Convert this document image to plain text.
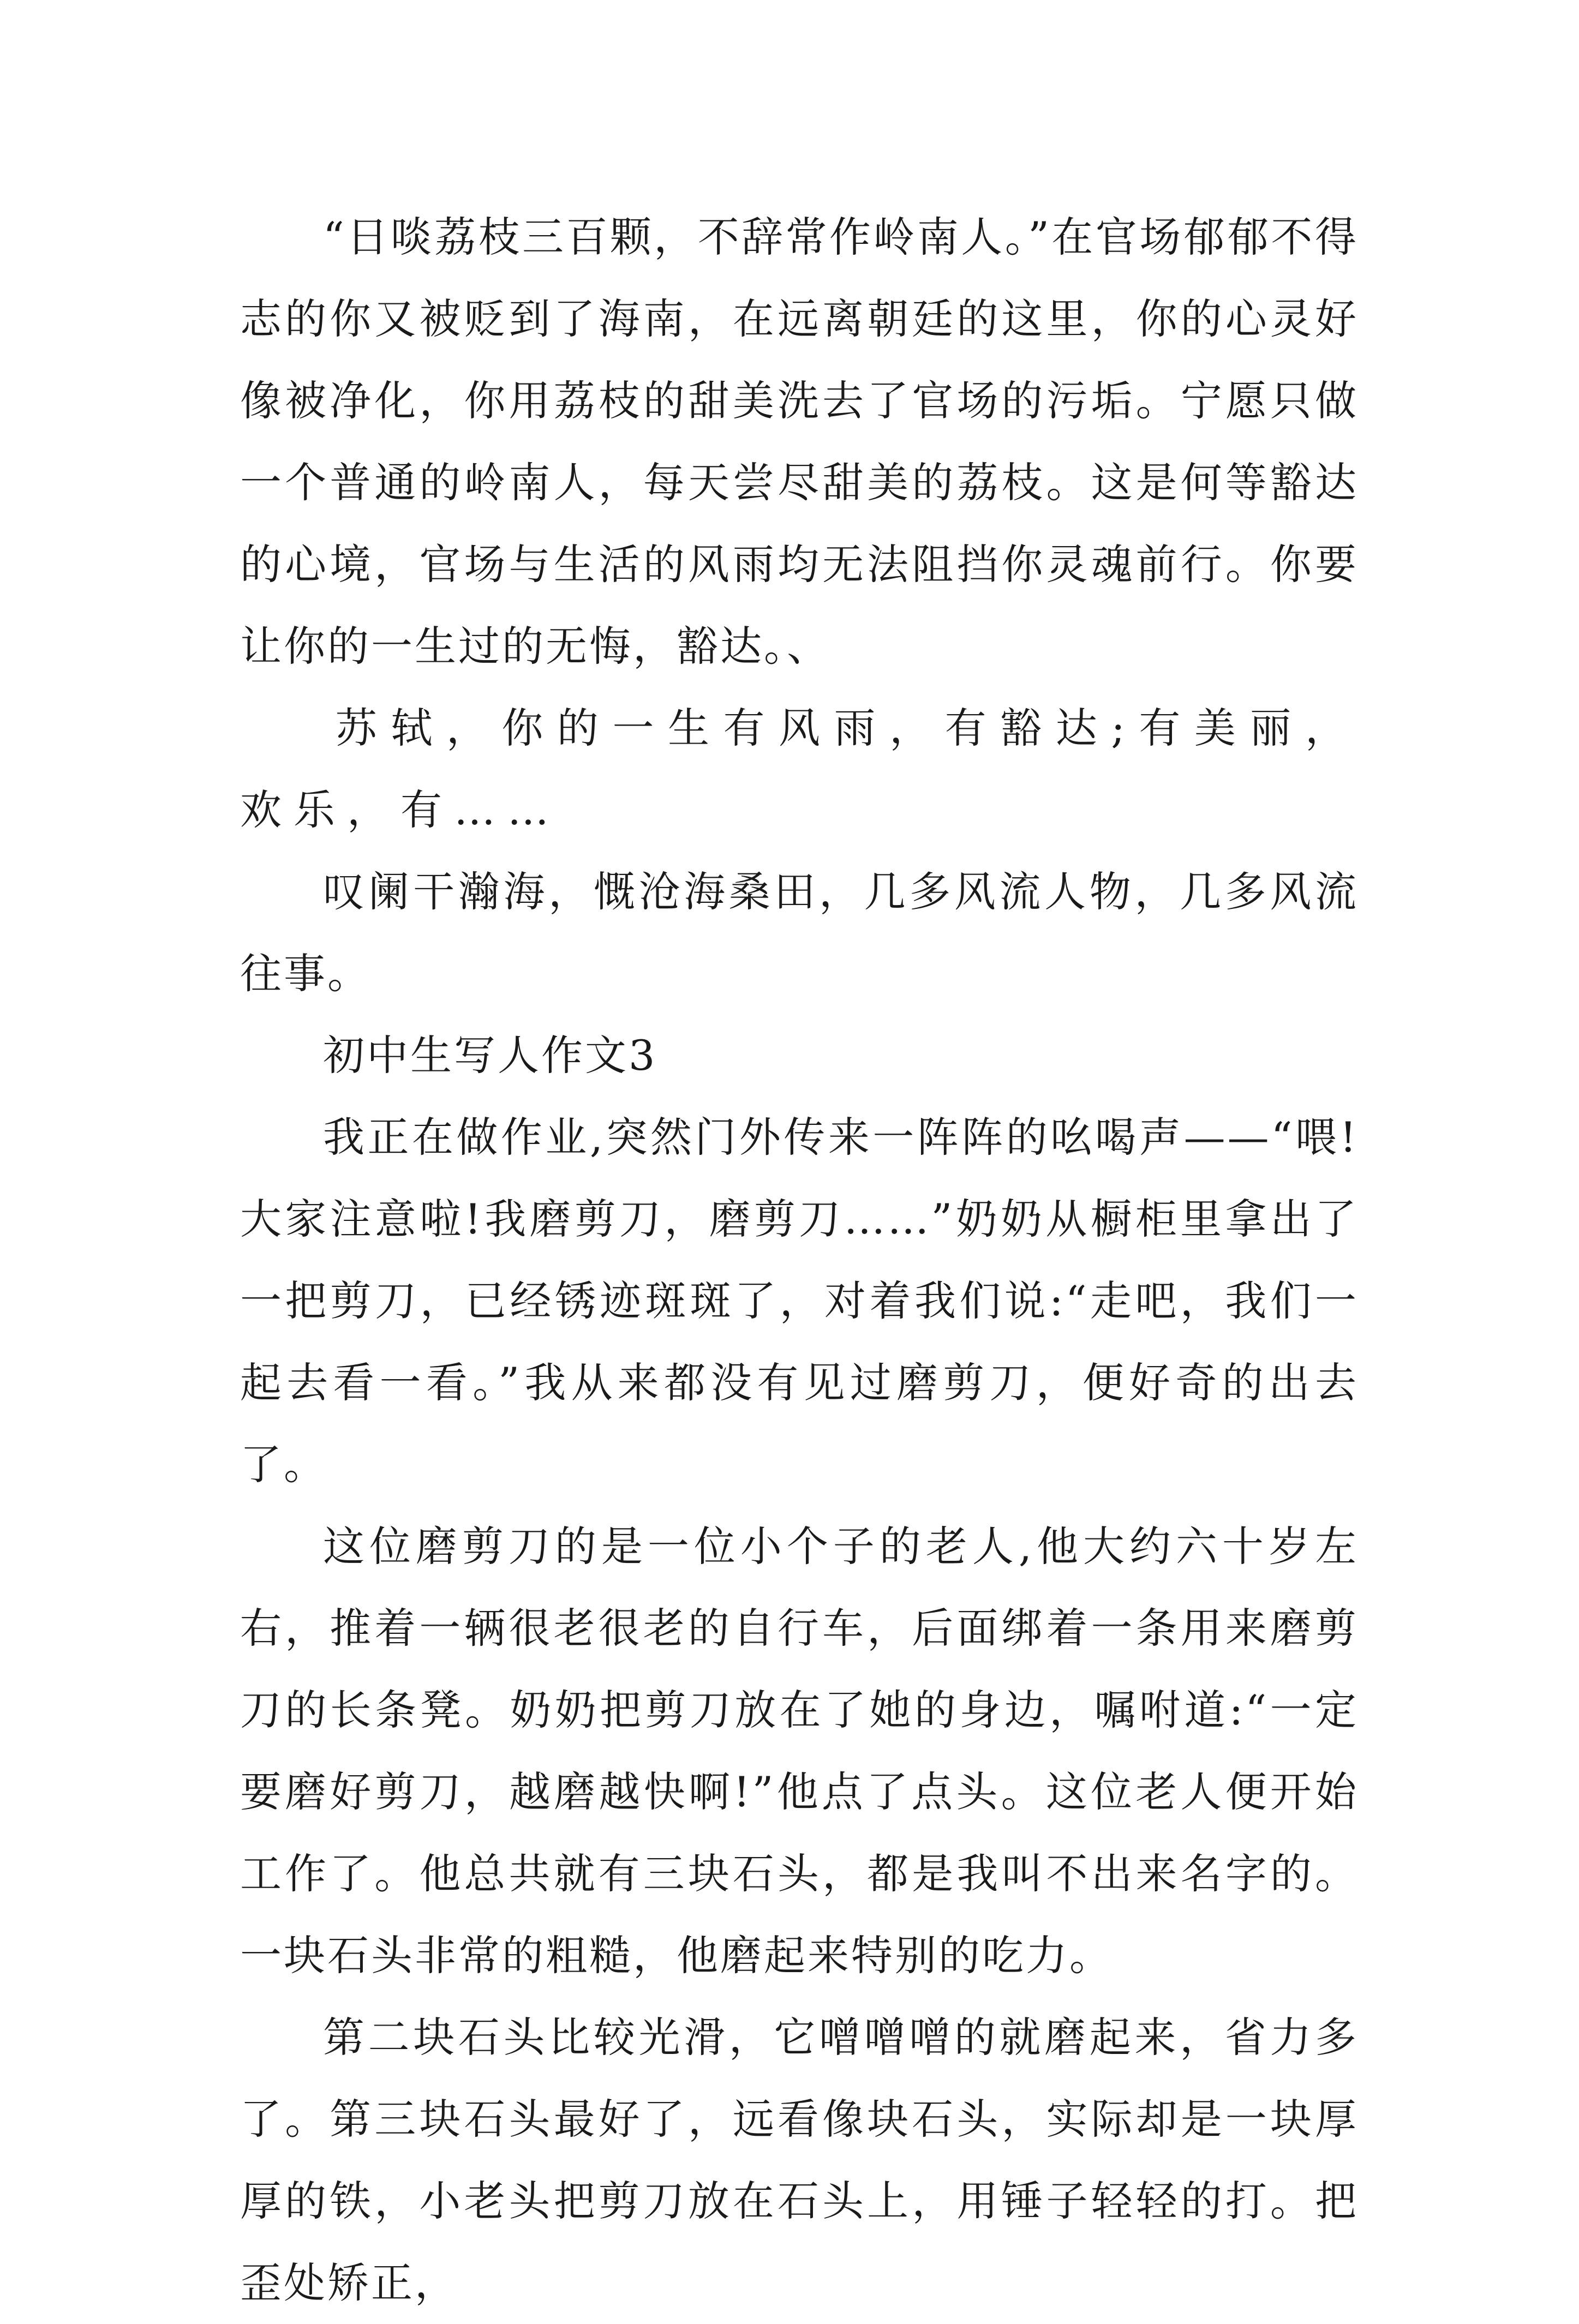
“日啖荔枝三百颗，不辞常作岭南人。”在官场郁郁不得志的你又被贬到了海南，在远离朝廷的这里，你的心灵好像被净化，你用荔枝的甜美洗去了官场的污垢。宁愿只做一个普通的岭南人，每天尝尽甜美的荔枝。这是何等豁达的心境，官场与生活的风雨均无法阻挡你灵魂前行。你要让你的一生过的无悔，豁达。、

苏轼，你的一生有风雨，有豁达;有美丽，欢乐，有……

叹阑干瀚海，慨沧海桑田，几多风流人物，几多风流往事。

初中生写人作文3

我正在做作业,突然门外传来一阵阵的吆喝声——“喂!大家注意啦!我磨剪刀，磨剪刀……”奶奶从橱柜里拿出了一把剪刀，已经锈迹斑斑了，对着我们说:“走吧，我们一起去看一看。”我从来都没有见过磨剪刀，便好奇的出去了。

这位磨剪刀的是一位小个子的老人,他大约六十岁左右，推着一辆很老很老的自行车，后面绑着一条用来磨剪刀的长条凳。奶奶把剪刀放在了她的身边，嘱咐道:“一定要磨好剪刀，越磨越快啊!”他点了点头。这位老人便开始工作了。他总共就有三块石头，都是我叫不出来名字的。一块石头非常的粗糙，他磨起来特别的吃力。

第二块石头比较光滑，它噌噌噌的就磨起来，省力多了。第三块石头最好了，远看像块石头，实际却是一块厚厚的铁，小老头把剪刀放在石头上，用锤子轻轻的打。把歪处矫正，
